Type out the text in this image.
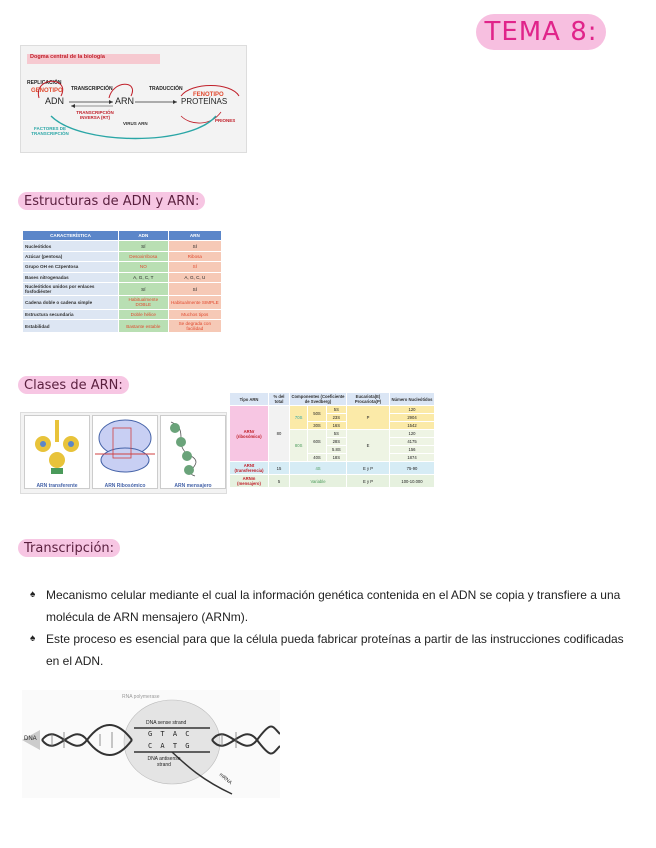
TEMA 8:
Dogma central de la biología
REPLICACIÓN
GENOTIPO TRANSCRIPCIÓN	TRADUCCIÓN
FENOTIPO
ADN	ARN	PROTEÍNAS
TRANSCRIPCIÓN INVERSA (RT)
VIRUS ARN
FACTORES DE TRANSCRIPCIÓN
PRIONES
Estructuras de ADN y ARN:
CARACTERÍSTICA	ADN	ARN
Nucleótidos	SÍ	SÍ
Azúcar (pentosa)	Desoxirribosa	Ribosa
Grupo OH en C2pentosa	NO	SÍ
Bases nitrogenadas	A, G, C, T	A, G, C, U
Nucleótidos unidos por enlaces fosfodiéster	SÍ	SÍ
Cadena doble o cadena simple	Habitualmente DOBLE	Habitualmente SIMPLE
Estructura secundaria	Doble hélice	Muchos tipos
Estabilidad	Bastante estable	Se degrada con facilidad
Clases de ARN:
ARN transferente	ARN Ribosómico	ARN mensajero
Tipo ARN	% del total	Componentes (Coeficiente de Svedberg)			Eucariota(E) Procariota(P)	Número Nucleótidos
ARNr (ribosómico)	80	70S	50S	5S	P	120
				23S		2904
			30S	16S		1542
		80S	60S	5S	E	120
				28S		4175
				5.8S		156
			40S	18S		1874
ARNt (transferencia)	15	4S			E y P	75-90
ARNm (mensajero)	5	Variable			E y P	100-10.000
Transcripción:
♠ Mecanismo celular mediante el cual la información genética contenida en el ADN se copia y transfiere a una molécula de ARN mensajero (ARNm).
♠ Este proceso es esencial para que la célula pueda fabricar proteínas a partir de las instrucciones codificadas en el ADN.
DNA
RNA polymerase
DNA sense strand
G T A C
C A T G
DNA antisense strand
mRNA
